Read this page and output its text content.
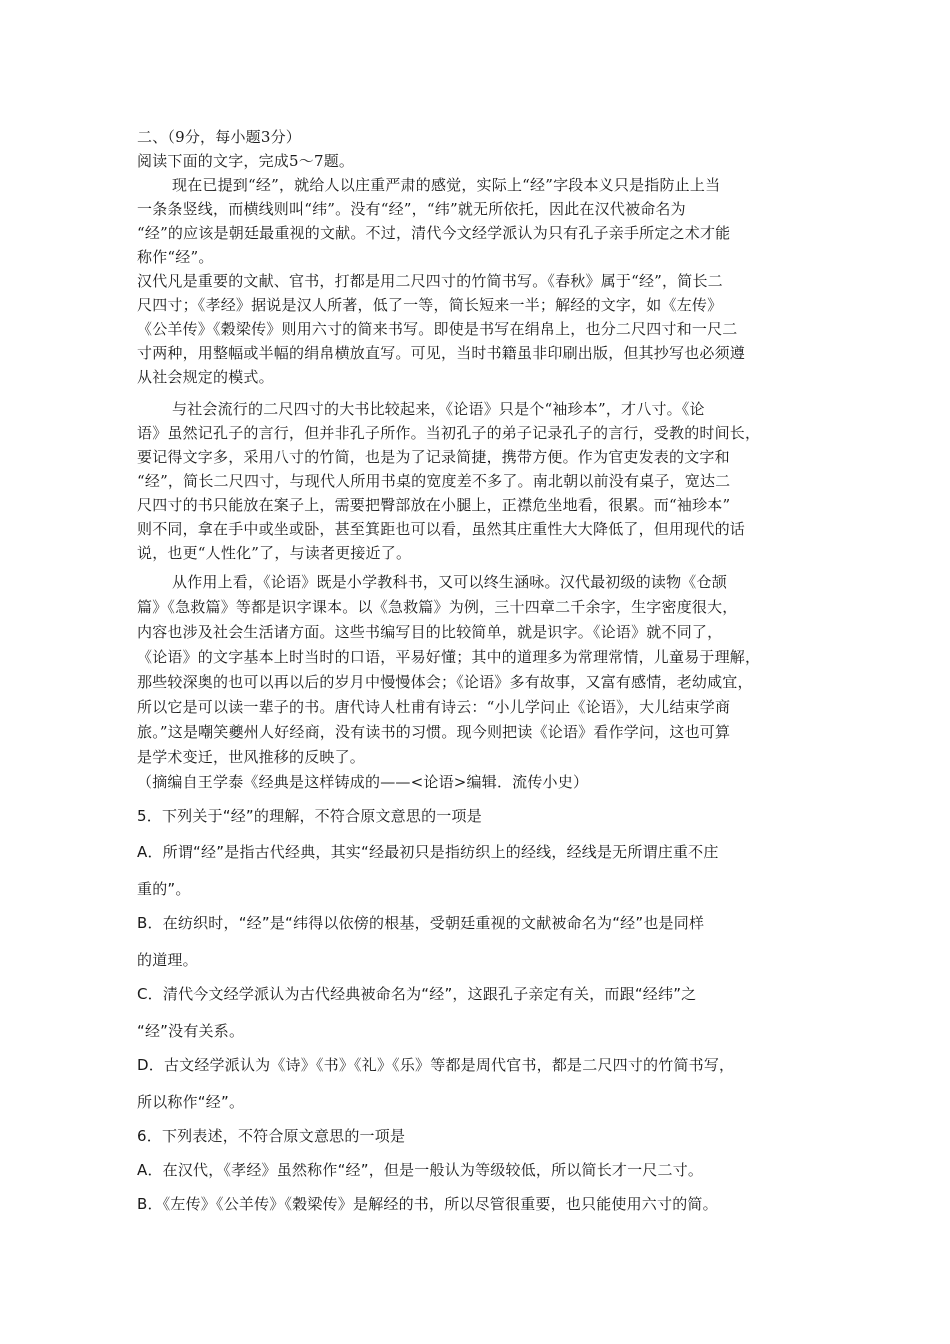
二、（9分，每小题3分）
阅读下面的文字，完成5～7题。
现在已提到“经”，就给人以庄重严肃的感觉，实际上“经”字段本义只是指防止上当
一条条竖线，而横线则叫“纬”。没有“经”，“纬”就无所依托，因此在汉代被命名为
“经”的应该是朝廷最重视的文献。不过，清代今文经学派认为只有孔子亲手所定之术才能
称作“经”。
汉代凡是重要的文献、官书，打都是用二尺四寸的竹简书写。《春秋》属于“经”，简长二
尺四寸；《孝经》据说是汉人所著，低了一等，简长短来一半；解经的文字，如《左传》
《公羊传》《穀梁传》则用六寸的简来书写。即使是书写在绢帛上，也分二尺四寸和一尺二
寸两种，用整幅或半幅的绢帛横放直写。可见，当时书籍虽非印刷出版，但其抄写也必须遵
从社会规定的模式。
与社会流行的二尺四寸的大书比较起来，《论语》只是个“袖珍本”，才八寸。《论
语》虽然记孔子的言行，但并非孔子所作。当初孔子的弟子记录孔子的言行，受教的时间长，
要记得文字多，采用八寸的竹简，也是为了记录简捷，携带方便。作为官吏发表的文字和
“经”，简长二尺四寸，与现代人所用书桌的宽度差不多了。南北朝以前没有桌子，宽达二
尺四寸的书只能放在案子上，需要把臀部放在小腿上，正襟危坐地看，很累。而“袖珍本”
则不同，拿在手中或坐或卧，甚至箕距也可以看，虽然其庄重性大大降低了，但用现代的话
说，也更“人性化”了，与读者更接近了。
从作用上看，《论语》既是小学教科书，又可以终生涵咏。汉代最初级的读物《仓颉
篇》《急救篇》等都是识字课本。以《急救篇》为例，三十四章二千余字，生字密度很大，
内容也涉及社会生活诸方面。这些书编写目的比较简单，就是识字。《论语》就不同了，
《论语》的文字基本上时当时的口语，平易好懂；其中的道理多为常理常情，儿童易于理解，
那些较深奥的也可以再以后的岁月中慢慢体会；《论语》多有故事，又富有感情，老幼咸宜，
所以它是可以读一辈子的书。唐代诗人杜甫有诗云：“小儿学问止《论语》，大儿结束学商
旅。”这是嘲笑夔州人好经商，没有读书的习惯。现今则把读《论语》看作学问，这也可算
是学术变迁，世风推移的反映了。
（摘编自王学泰《经典是这样铸成的——<论语>编辑．流传小史）
5．下列关于“经”的理解，不符合原文意思的一项是
A．所谓“经”是指古代经典，其实“经最初只是指纺织上的经线，经线是无所谓庄重不庄
重的”。
B．在纺织时，“经”是“纬得以依傍的根基，受朝廷重视的文献被命名为“经”也是同样
的道理。
C．清代今文经学派认为古代经典被命名为“经”，这跟孔子亲定有关，而跟“经纬”之
“经”没有关系。
D．古文经学派认为《诗》《书》《礼》《乐》等都是周代官书，都是二尺四寸的竹简书写，
所以称作“经”。
6．下列表述，不符合原文意思的一项是
A．在汉代，《孝经》虽然称作“经”，但是一般认为等级较低，所以简长才一尺二寸。
B．《左传》《公羊传》《穀梁传》是解经的书，所以尽管很重要，也只能使用六寸的简。
